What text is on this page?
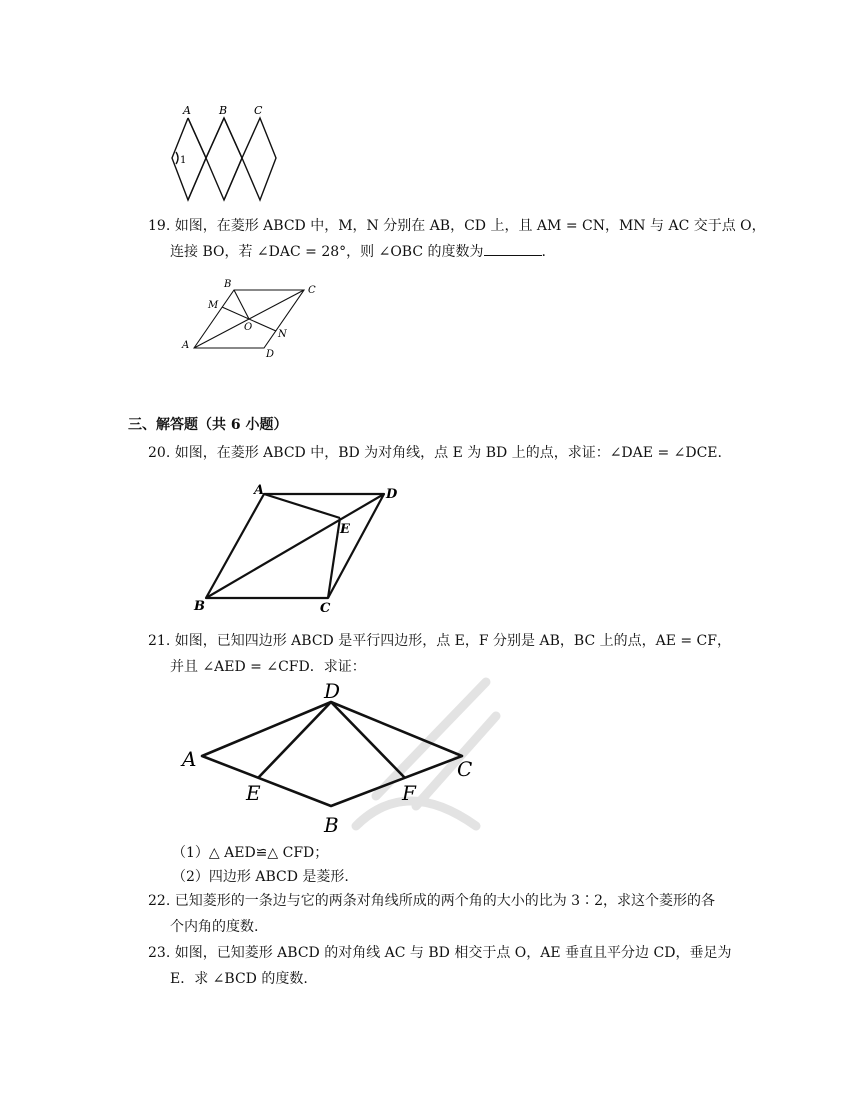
A	B C
1
19. 如图，在菱形 ABCD 中，M，N 分别在 AB，CD 上，且 AM = CN，MN 与 AC 交于点 O，
连接 BO，若 ∠DAC = 28°，则 ∠OBC 的度数为	.
B
C
M
O
N
A
D
三、解答题（共 6 小题）
20. 如图，在菱形 ABCD 中，BD 为对角线，点 E 为 BD 上的点，求证：∠DAE = ∠DCE.
A	D
E
B	C
21. 如图，已知四边形 ABCD 是平行四边形，点 E，F 分别是 AB，BC 上的点，AE = CF，
并且 ∠AED = ∠CFD．求证：
D
A	C
E	F
B
（1）△ AED≌△ CFD；
（2）四边形 ABCD 是菱形.
22. 已知菱形的一条边与它的两条对角线所成的两个角的大小的比为 3∶2，求这个菱形的各
个内角的度数.
23. 如图，已知菱形 ABCD 的对角线 AC 与 BD 相交于点 O，AE 垂直且平分边 CD，垂足为
E．求 ∠BCD 的度数.
